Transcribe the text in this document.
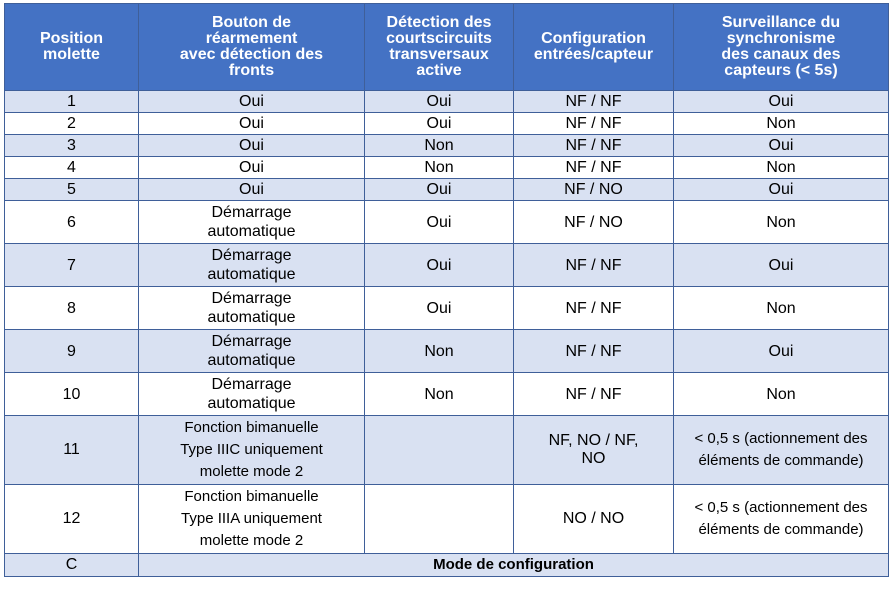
Position
molette	Bouton de
réarmement
avec détection des
fronts	Détection des
courtscircuits
transversaux
active	Configuration
entrées/capteur	Surveillance du
synchronisme
des canaux des
capteurs (< 5s)
1	Oui	Oui	NF / NF	Oui
2	Oui	Oui	NF / NF	Non
3	Oui	Non	NF / NF	Oui
4	Oui	Non	NF / NF	Non
5	Oui	Oui	NF / NO	Oui
6	Démarrage
automatique	Oui	NF / NO	Non
7	Démarrage
automatique	Oui	NF / NF	Oui
8	Démarrage
automatique	Oui	NF / NF	Non
9	Démarrage
automatique	Non	NF / NF	Oui
10	Démarrage
automatique	Non	NF / NF	Non
11	Fonction bimanuelle
Type IIIC uniquement
molette mode 2		NF, NO / NF,
NO	< 0,5 s (actionnement des
éléments de commande)
12	Fonction bimanuelle
Type IIIA uniquement
molette mode 2		NO / NO	< 0,5 s (actionnement des
éléments de commande)
C	Mode de configuration			
